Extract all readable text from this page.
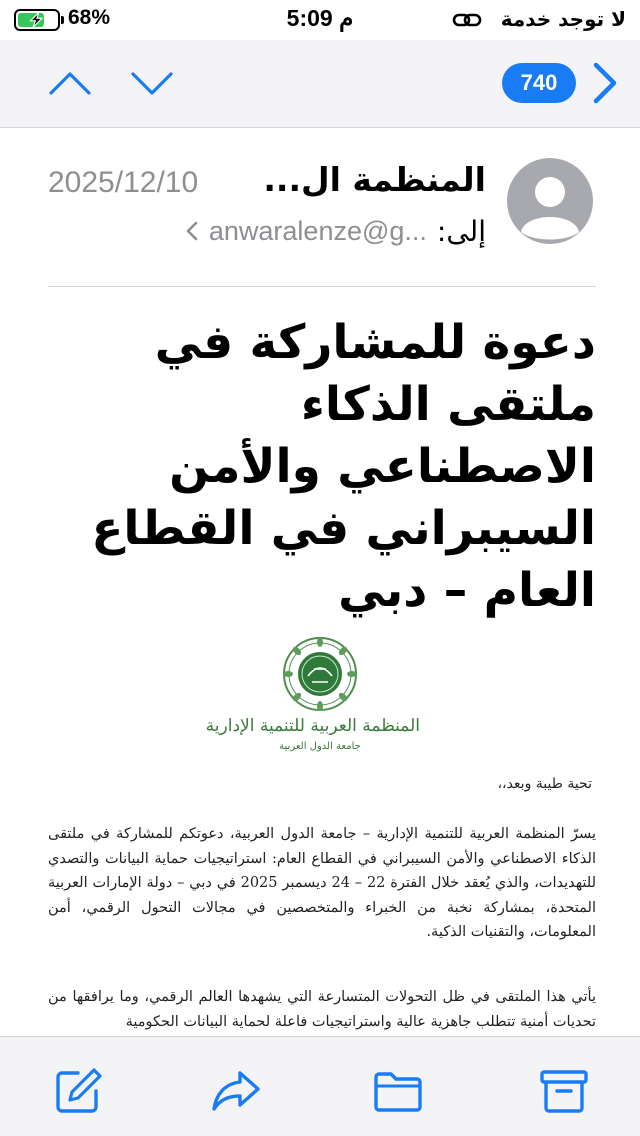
68%	5:09 م	لا توجد خدمة
740
المنظمة ال...
2025/12/10
إلى:
anwaralenze@g...
دعوة للمشاركة في ملتقى الذكاء الاصطناعي والأمن السيبراني في القطاع العام – دبي
المنظمة العربية للتنمية الإدارية
جامعة الدول العربية
تحية طيبة وبعد،،
يسرّ المنظمة العربية للتنمية الإدارية – جامعة الدول العربية، دعوتكم للمشاركة في ملتقى الذكاء الاصطناعي والأمن السيبراني في القطاع العام: استراتيجيات حماية البيانات والتصدي للتهديدات، والذي يُعقد خلال الفترة 22 – 24 ديسمبر 2025 في دبي – دولة الإمارات العربية المتحدة، بمشاركة نخبة من الخبراء والمتخصصين في مجالات التحول الرقمي، أمن المعلومات، والتقنيات الذكية.
يأتي هذا الملتقى في ظل التحولات المتسارعة التي يشهدها العالم الرقمي، وما يرافقها من تحديات أمنية تتطلب جاهزية عالية واستراتيجيات فاعلة لحماية البيانات الحكومية
